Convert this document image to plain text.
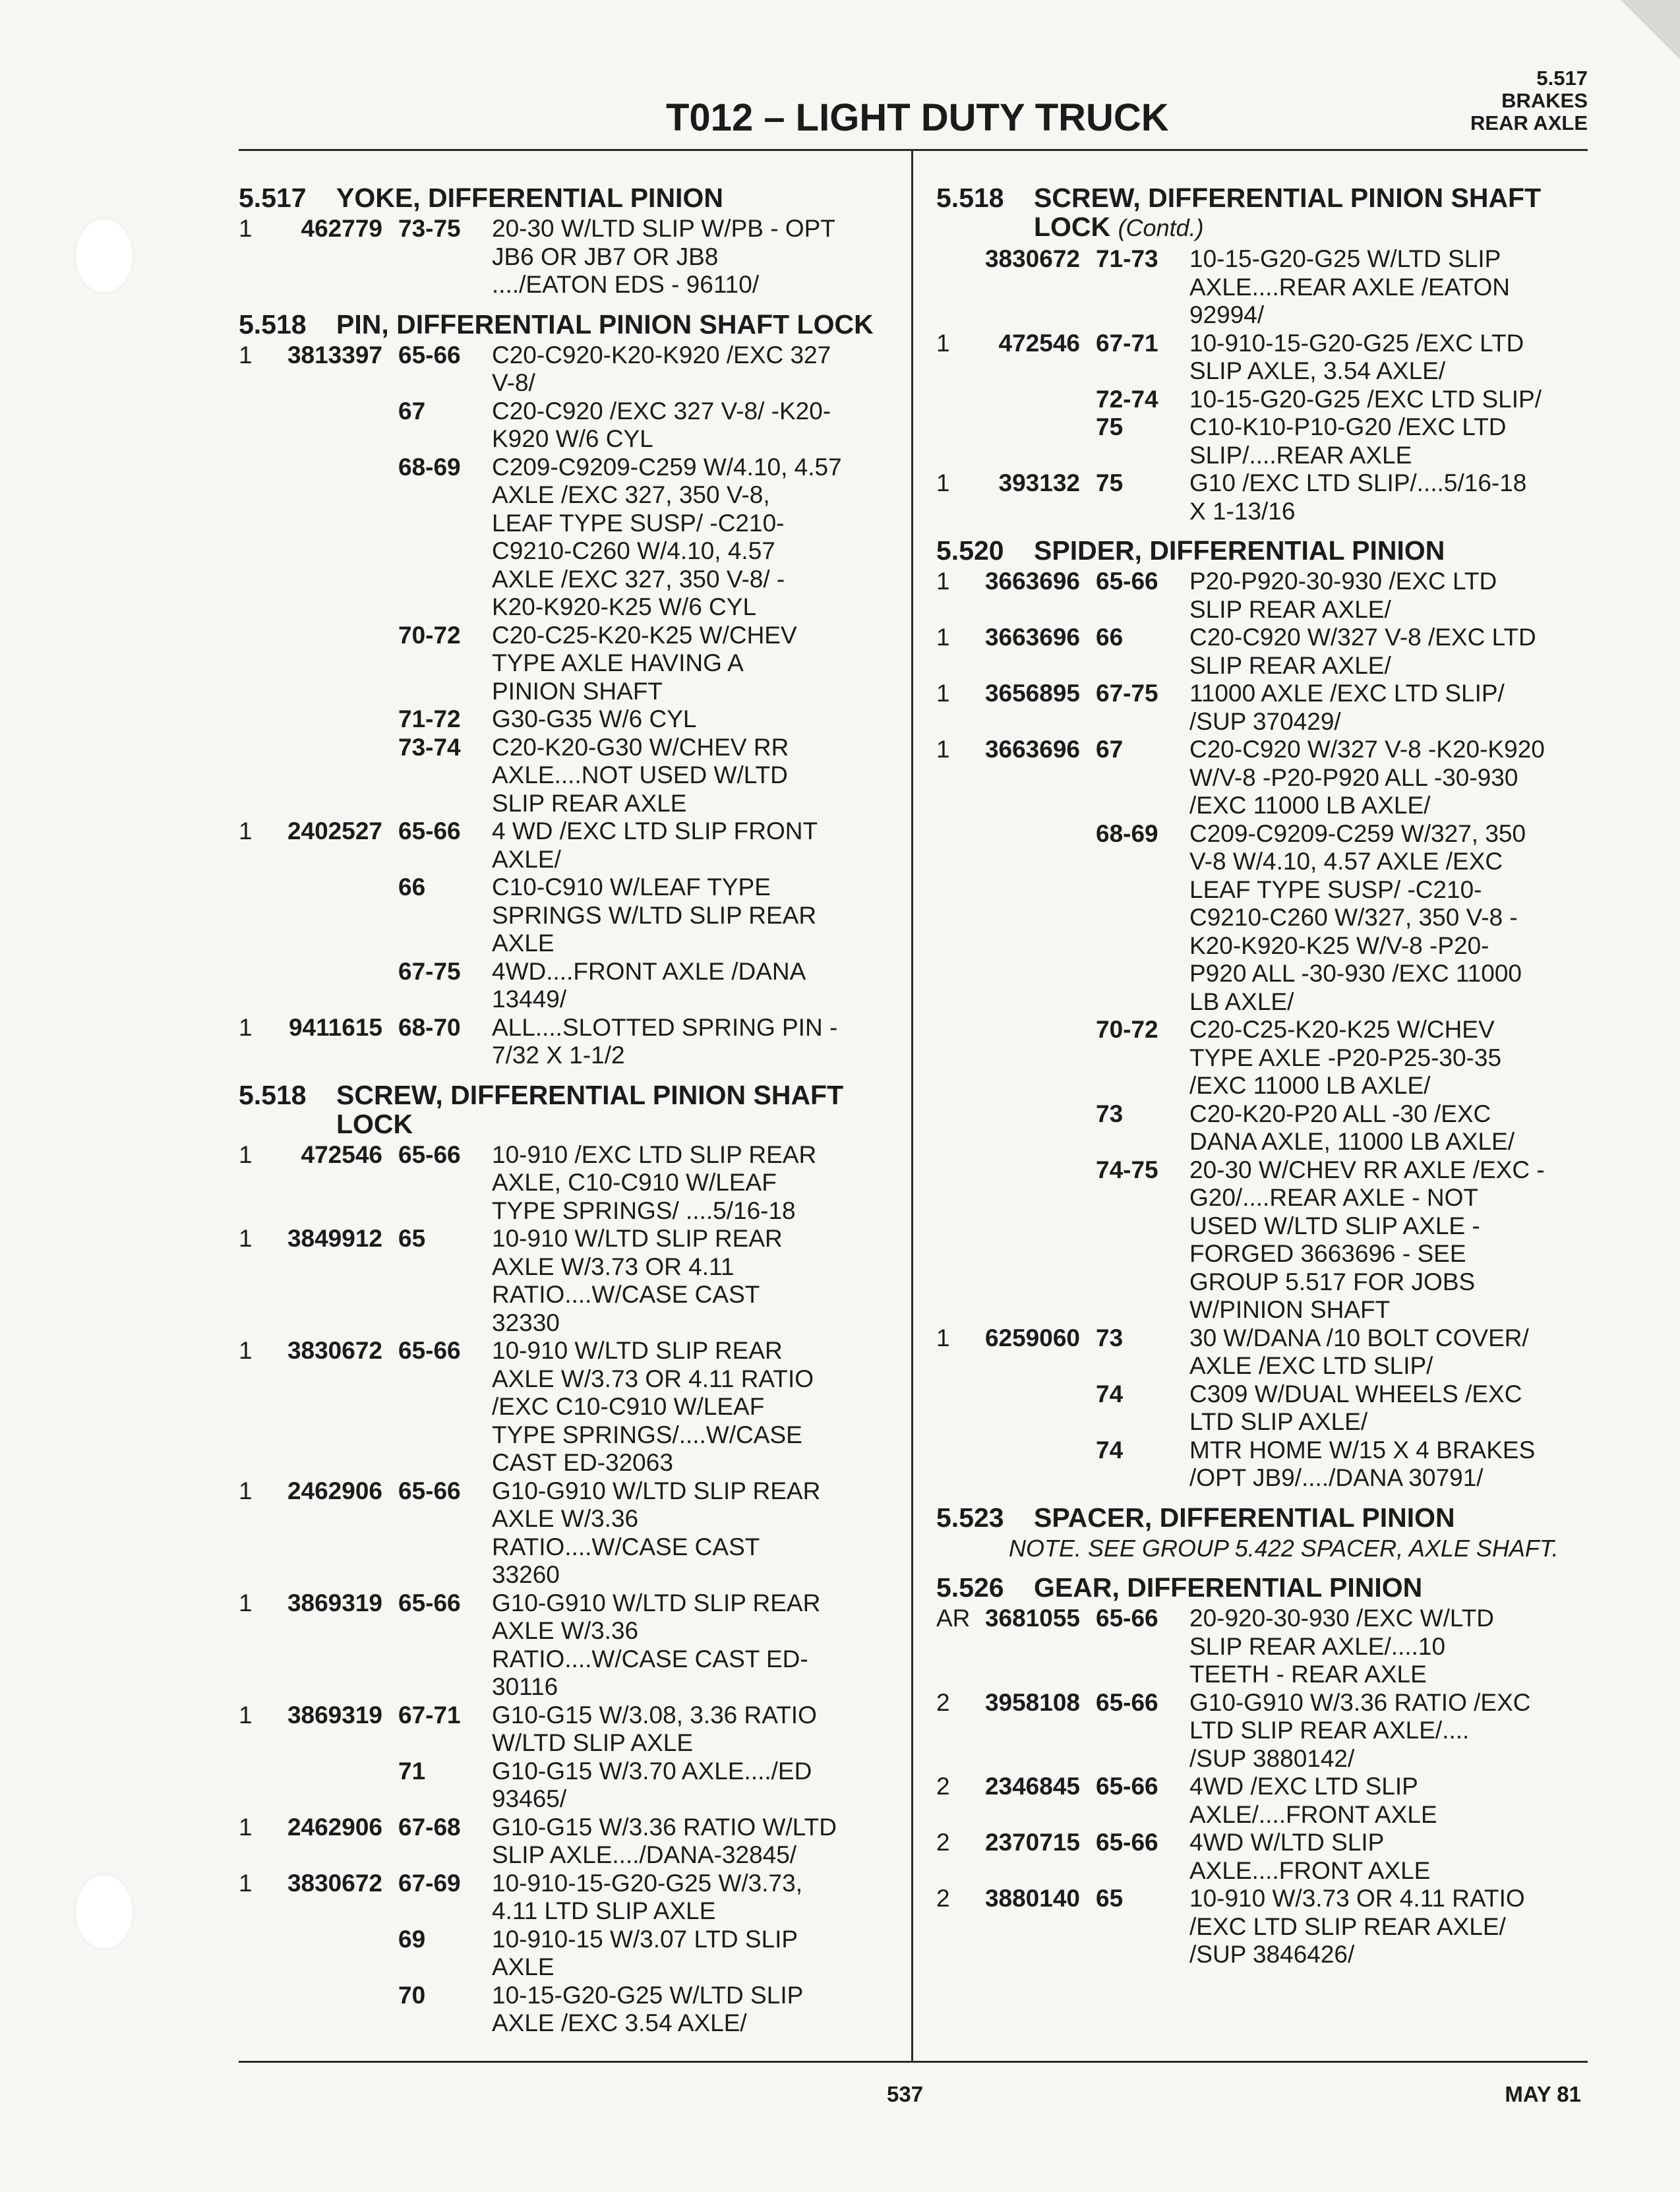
T012 – LIGHT DUTY TRUCK
5.517
BRAKES
REAR AXLE
5.517	YOKE, DIFFERENTIAL PINION
1	462779 73-75	20-30 W/LTD SLIP W/PB - OPT
JB6 OR JB7 OR JB8
..../EATON EDS - 96110/
5.518	PIN, DIFFERENTIAL PINION SHAFT LOCK
1	3813397 65-66	C20-C920-K20-K920 /EXC 327
V-8/
67	C20-C920 /EXC 327 V-8/ -K20-
K920 W/6 CYL
68-69	C209-C9209-C259 W/4.10, 4.57
AXLE /EXC 327, 350 V-8,
LEAF TYPE SUSP/ -C210-
C9210-C260 W/4.10, 4.57
AXLE /EXC 327, 350 V-8/ -
K20-K920-K25 W/6 CYL
70-72	C20-C25-K20-K25 W/CHEV
TYPE AXLE HAVING A
PINION SHAFT
71-72	G30-G35 W/6 CYL
73-74	C20-K20-G30 W/CHEV RR
AXLE....NOT USED W/LTD
SLIP REAR AXLE
1	2402527 65-66	4 WD /EXC LTD SLIP FRONT
AXLE/
66	C10-C910 W/LEAF TYPE
SPRINGS W/LTD SLIP REAR
AXLE
67-75	4WD....FRONT AXLE /DANA
13449/
1	9411615 68-70	ALL....SLOTTED SPRING PIN -
7/32 X 1-1/2
5.518	SCREW, DIFFERENTIAL PINION SHAFT LOCK
1	472546 65-66	10-910 /EXC LTD SLIP REAR
AXLE, C10-C910 W/LEAF
TYPE SPRINGS/ ....5/16-18
1	3849912 65	10-910 W/LTD SLIP REAR
AXLE W/3.73 OR 4.11
RATIO....W/CASE CAST
32330
1	3830672 65-66	10-910 W/LTD SLIP REAR
AXLE W/3.73 OR 4.11 RATIO
/EXC C10-C910 W/LEAF
TYPE SPRINGS/....W/CASE
CAST ED-32063
1	2462906 65-66	G10-G910 W/LTD SLIP REAR
AXLE W/3.36
RATIO....W/CASE CAST
33260
1	3869319 65-66	G10-G910 W/LTD SLIP REAR
AXLE W/3.36
RATIO....W/CASE CAST ED-
30116
1	3869319 67-71	G10-G15 W/3.08, 3.36 RATIO
W/LTD SLIP AXLE
71	G10-G15 W/3.70 AXLE..../ED
93465/
1	2462906 67-68	G10-G15 W/3.36 RATIO W/LTD
SLIP AXLE..../DANA-32845/
1	3830672 67-69	10-910-15-G20-G25 W/3.73,
4.11 LTD SLIP AXLE
69	10-910-15 W/3.07 LTD SLIP
AXLE
70	10-15-G20-G25 W/LTD SLIP
AXLE /EXC 3.54 AXLE/
5.518	SCREW, DIFFERENTIAL PINION SHAFT LOCK (Contd.)
3830672 71-73	10-15-G20-G25 W/LTD SLIP
AXLE....REAR AXLE /EATON
92994/
1	472546 67-71	10-910-15-G20-G25 /EXC LTD
SLIP AXLE, 3.54 AXLE/
72-74	10-15-G20-G25 /EXC LTD SLIP/
75	C10-K10-P10-G20 /EXC LTD
SLIP/....REAR AXLE
1	393132 75	G10 /EXC LTD SLIP/....5/16-18
X 1-13/16
5.520	SPIDER, DIFFERENTIAL PINION
1	3663696 65-66	P20-P920-30-930 /EXC LTD
SLIP REAR AXLE/
1	3663696 66	C20-C920 W/327 V-8 /EXC LTD
SLIP REAR AXLE/
1	3656895 67-75	11000 AXLE /EXC LTD SLIP/
/SUP 370429/
1	3663696 67	C20-C920 W/327 V-8 -K20-K920
W/V-8 -P20-P920 ALL -30-930
/EXC 11000 LB AXLE/
68-69	C209-C9209-C259 W/327, 350
V-8 W/4.10, 4.57 AXLE /EXC
LEAF TYPE SUSP/ -C210-
C9210-C260 W/327, 350 V-8 -
K20-K920-K25 W/V-8 -P20-
P920 ALL -30-930 /EXC 11000
LB AXLE/
70-72	C20-C25-K20-K25 W/CHEV
TYPE AXLE -P20-P25-30-35
/EXC 11000 LB AXLE/
73	C20-K20-P20 ALL -30 /EXC
DANA AXLE, 11000 LB AXLE/
74-75	20-30 W/CHEV RR AXLE /EXC -
G20/....REAR AXLE - NOT
USED W/LTD SLIP AXLE -
FORGED 3663696 - SEE
GROUP 5.517 FOR JOBS
W/PINION SHAFT
1	6259060 73	30 W/DANA /10 BOLT COVER/
AXLE /EXC LTD SLIP/
74	C309 W/DUAL WHEELS /EXC
LTD SLIP AXLE/
74	MTR HOME W/15 X 4 BRAKES
/OPT JB9/..../DANA 30791/
5.523	SPACER, DIFFERENTIAL PINION
NOTE. SEE GROUP 5.422 SPACER, AXLE SHAFT.
5.526	GEAR, DIFFERENTIAL PINION
AR 3681055 65-66	20-920-30-930 /EXC W/LTD
SLIP REAR AXLE/....10
TEETH - REAR AXLE
2	3958108 65-66	G10-G910 W/3.36 RATIO /EXC
LTD SLIP REAR AXLE/....
/SUP 3880142/
2	2346845 65-66	4WD /EXC LTD SLIP
AXLE/....FRONT AXLE
2	2370715 65-66	4WD W/LTD SLIP
AXLE....FRONT AXLE
2	3880140 65	10-910 W/3.73 OR 4.11 RATIO
/EXC LTD SLIP REAR AXLE/
/SUP 3846426/
537	MAY 81
